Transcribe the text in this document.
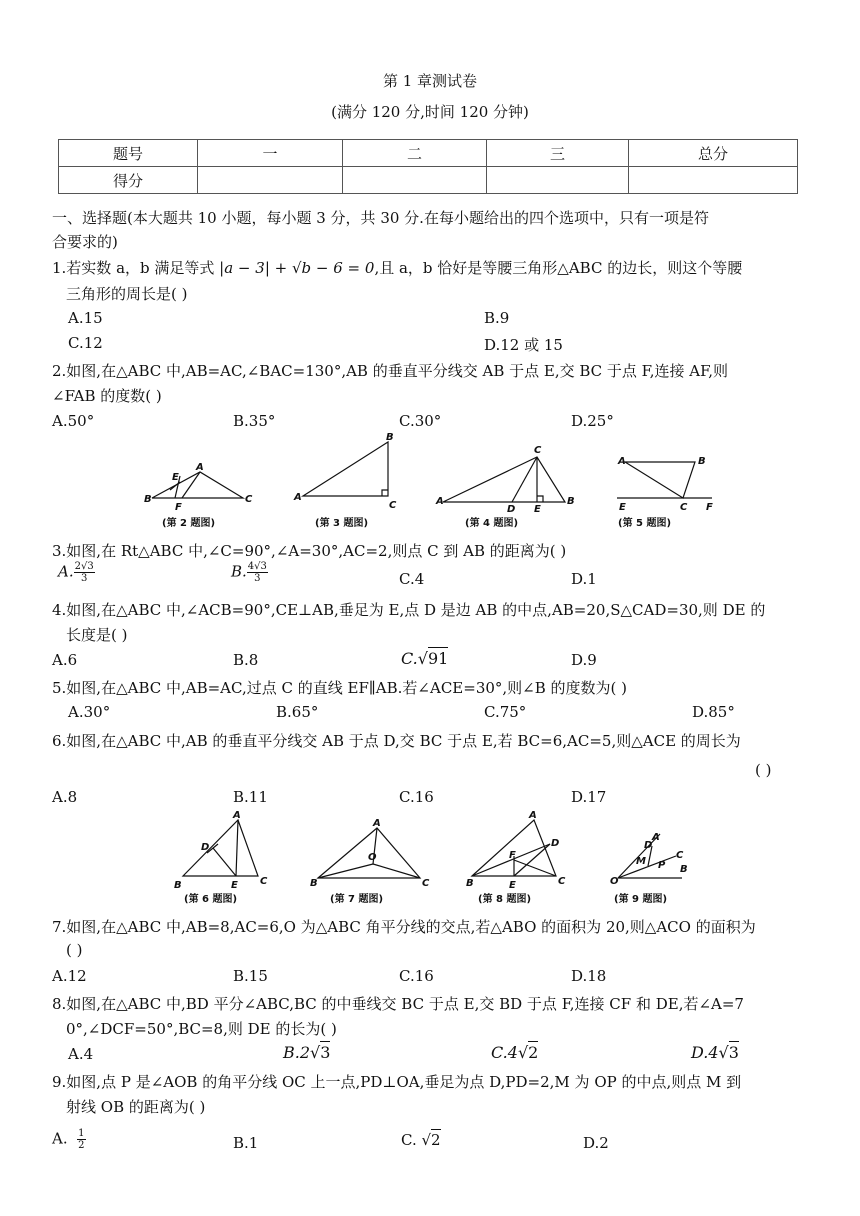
第 1 章测试卷
(满分 120 分,时间 120 分钟)
题号	一	二	三	总分
得分				
一、选择题(本大题共 10 小题，每小题 3 分，共 30 分.在每小题给出的四个选项中，只有一项是符
合要求的)
1.若实数 a，b 满足等式 |a − 3| + √b − 6 = 0,且 a，b 恰好是等腰三角形△ABC 的边长，则这个等腰
三角形的周长是( )
A.15	B.9
C.12	D.12 或 15
2.如图,在△ABC 中,AB=AC,∠BAC=130°,AB 的垂直平分线交 AB 于点 E,交 BC 于点 F,连接 AF,则
∠FAB 的度数( )
A.50°	B.35°	C.30°	D.25°
B
A
C
E
F
A
B
C	A
C
B
D E
A	B
E	C F
(第 2 题图)	(第 3 题图)	(第 4 题图)	(第 5 题图)
3.如图,在 Rt△ABC 中,∠C=90°,∠A=30°,AC=2,则点 C 到 AB 的距离为( )
A. $\frac{2√3}{3}$	B. $\frac{4√3}{3}$	C.4	D.1
4.如图,在△ABC 中,∠ACB=90°,CE⊥AB,垂足为 E,点 D 是边 AB 的中点,AB=20,S△CAD=30,则 DE 的
长度是( )
A.6	B.8	C.√91	D.9
5.如图,在△ABC 中,AB=AC,过点 C 的直线 EF∥AB.若∠ACE=30°,则∠B 的度数为( )
A.30°	B.65°	C.75°	D.85°
6.如图,在△ABC 中,AB 的垂直平分线交 AB 于点 D,交 BC 于点 E,若 BC=6,AC=5,则△ACE 的周长为
( )
A.8	B.11	C.16	D.17
A
B	C
D
E
A
B	C
O
A
B	C
D
E
F
O
B
C
A
D
M P
(第 6 题图)	(第 7 题图)	(第 8 题图)	(第 9 题图)
7.如图,在△ABC 中,AB=8,AC=6,O 为△ABC 角平分线的交点,若△ABO 的面积为 20,则△ACO 的面积为
( )
A.12	B.15	C.16	D.18
8.如图,在△ABC 中,BD 平分∠ABC,BC 的中垂线交 BC 于点 E,交 BD 于点 F,连接 CF 和 DE,若∠A=7
0°,∠DCF=50°,BC=8,则 DE 的长为( )
A.4	B.2√3	C.4√2	D.4√3
9.如图,点 P 是∠AOB 的角平分线 OC 上一点,PD⊥OA,垂足为点 D,PD=2,M 为 OP 的中点,则点 M 到
射线 OB 的距离为( )
A. $\frac{1}{2}$	B.1	C. √2	D.2
